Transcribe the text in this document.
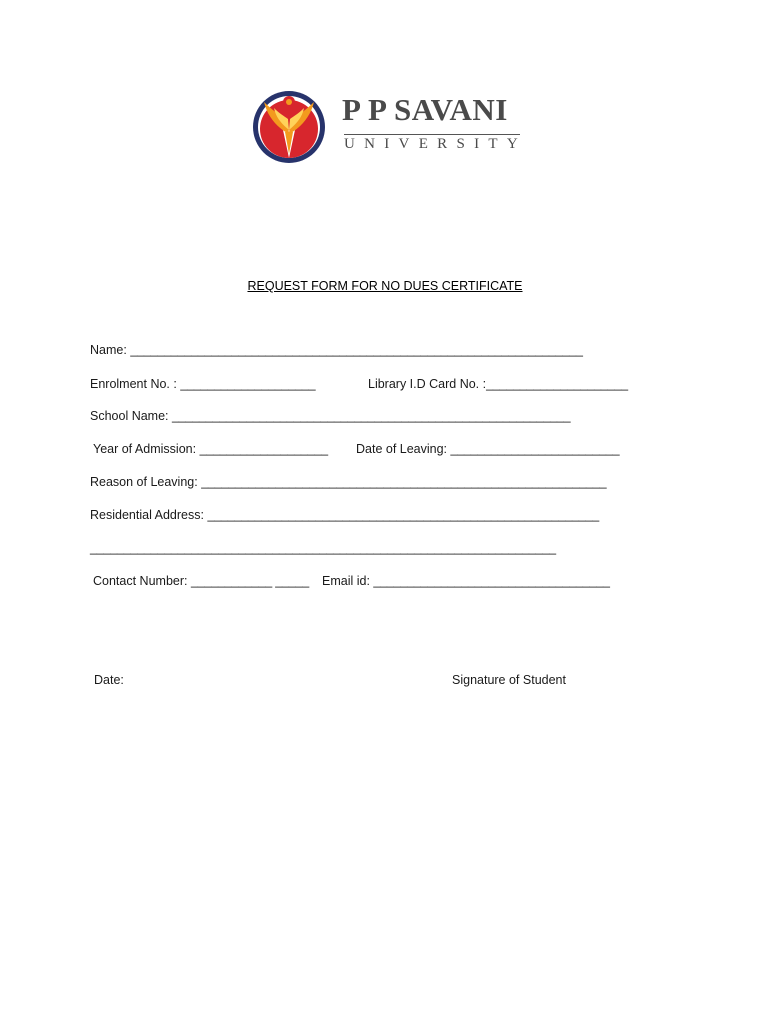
P P SAVANI
UNIVERSITY
REQUEST FORM FOR NO DUES CERTIFICATE
Name: ___________________________________________________________________
Enrolment No. : ____________________	Library I.D Card No. :_____________________
School Name: ___________________________________________________________
Year of Admission: ___________________ Date of Leaving: _________________________
Reason of Leaving: ____________________________________________________________
Residential Address: __________________________________________________________
_____________________________________________________________________
Contact Number: ____________ _____ Email id: ___________________________________
Date:	Signature of Student
